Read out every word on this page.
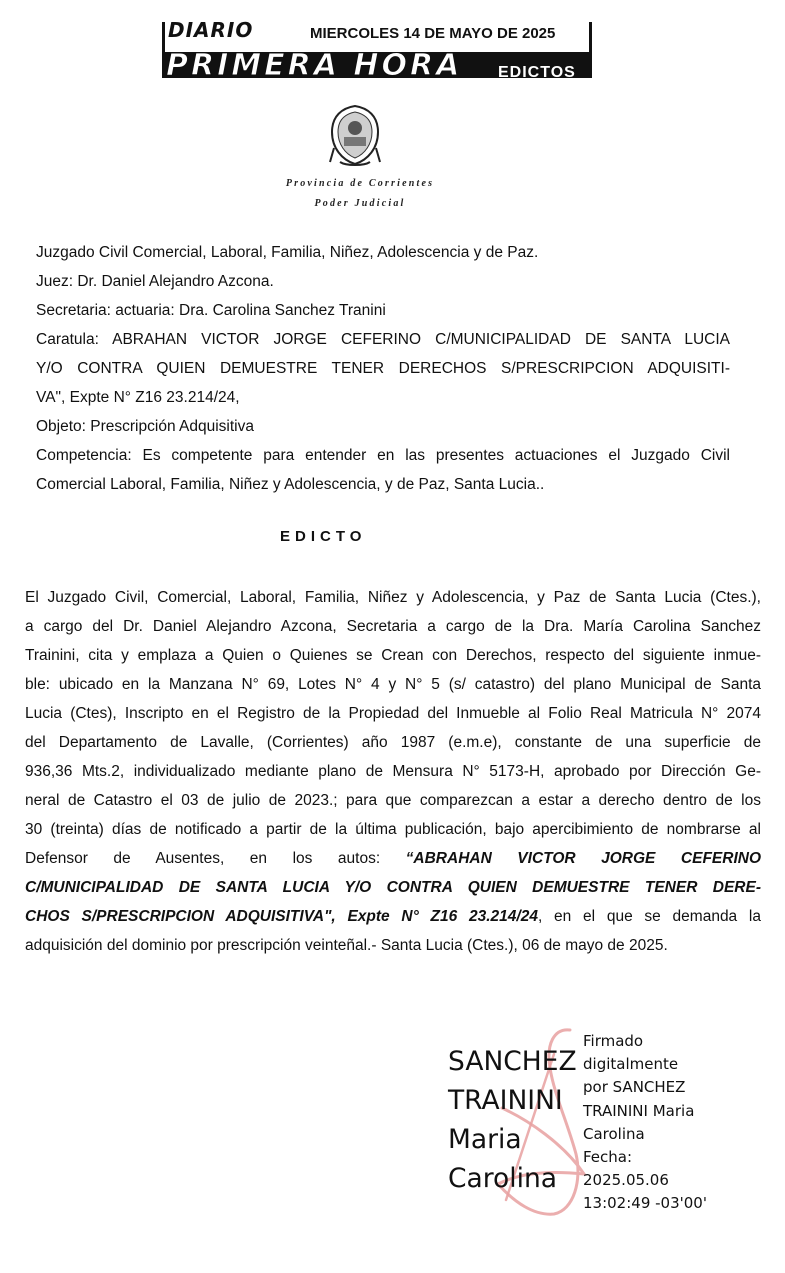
DIARIO
PRIMERA HORA
MIERCOLES 14 DE MAYO DE 2025
EDICTOS
Provincia de Corrientes
Poder Judicial
Juzgado Civil Comercial, Laboral, Familia, Niñez, Adolescencia y de Paz.
Juez: Dr. Daniel Alejandro Azcona.
Secretaria: actuaria: Dra. Carolina Sanchez Tranini
Caratula: ABRAHAN VICTOR JORGE CEFERINO C/MUNICIPALIDAD DE SANTA LUCIA
Y/O CONTRA QUIEN DEMUESTRE TENER DERECHOS S/PRESCRIPCION ADQUISITI-
VA", Expte N° Z16 23.214/24,
Objeto: Prescripción Adquisitiva
Competencia: Es competente para entender en las presentes actuaciones el Juzgado Civil
Comercial Laboral, Familia, Niñez y Adolescencia, y de Paz, Santa Lucia..
EDICTO
El Juzgado Civil, Comercial, Laboral, Familia, Niñez y Adolescencia, y Paz de Santa Lucia (Ctes.),
a cargo del Dr. Daniel Alejandro Azcona, Secretaria a cargo de la Dra. María Carolina Sanchez
Trainini, cita y emplaza a Quien o Quienes se Crean con Derechos, respecto del siguiente inmue-
ble: ubicado en la Manzana N° 69, Lotes N° 4 y N° 5 (s/ catastro) del plano Municipal de Santa
Lucia (Ctes), Inscripto en el Registro de la Propiedad del Inmueble al Folio Real Matricula N° 2074
del Departamento de Lavalle, (Corrientes) año 1987 (e.m.e), constante de una superficie de
936,36 Mts.2, individualizado mediante plano de Mensura N° 5173-H, aprobado por Dirección Ge-
neral de Catastro el 03 de julio de 2023.; para que comparezcan a estar a derecho dentro de los
30 (treinta) días de notificado a partir de la última publicación, bajo apercibimiento de nombrarse al
Defensor de Ausentes, en los autos: “ABRAHAN VICTOR JORGE CEFERINO
C/MUNICIPALIDAD DE SANTA LUCIA Y/O CONTRA QUIEN DEMUESTRE TENER DERE-
CHOS S/PRESCRIPCION ADQUISITIVA", Expte N° Z16 23.214/24, en el que se demanda la
adquisición del dominio por prescripción veinteñal.- Santa Lucia (Ctes.), 06 de mayo de 2025.
SANCHEZ
TRAININI
Maria
Carolina
Firmado
digitalmente
por SANCHEZ
TRAININI Maria
Carolina
Fecha:
2025.05.06
13:02:49 -03'00'
